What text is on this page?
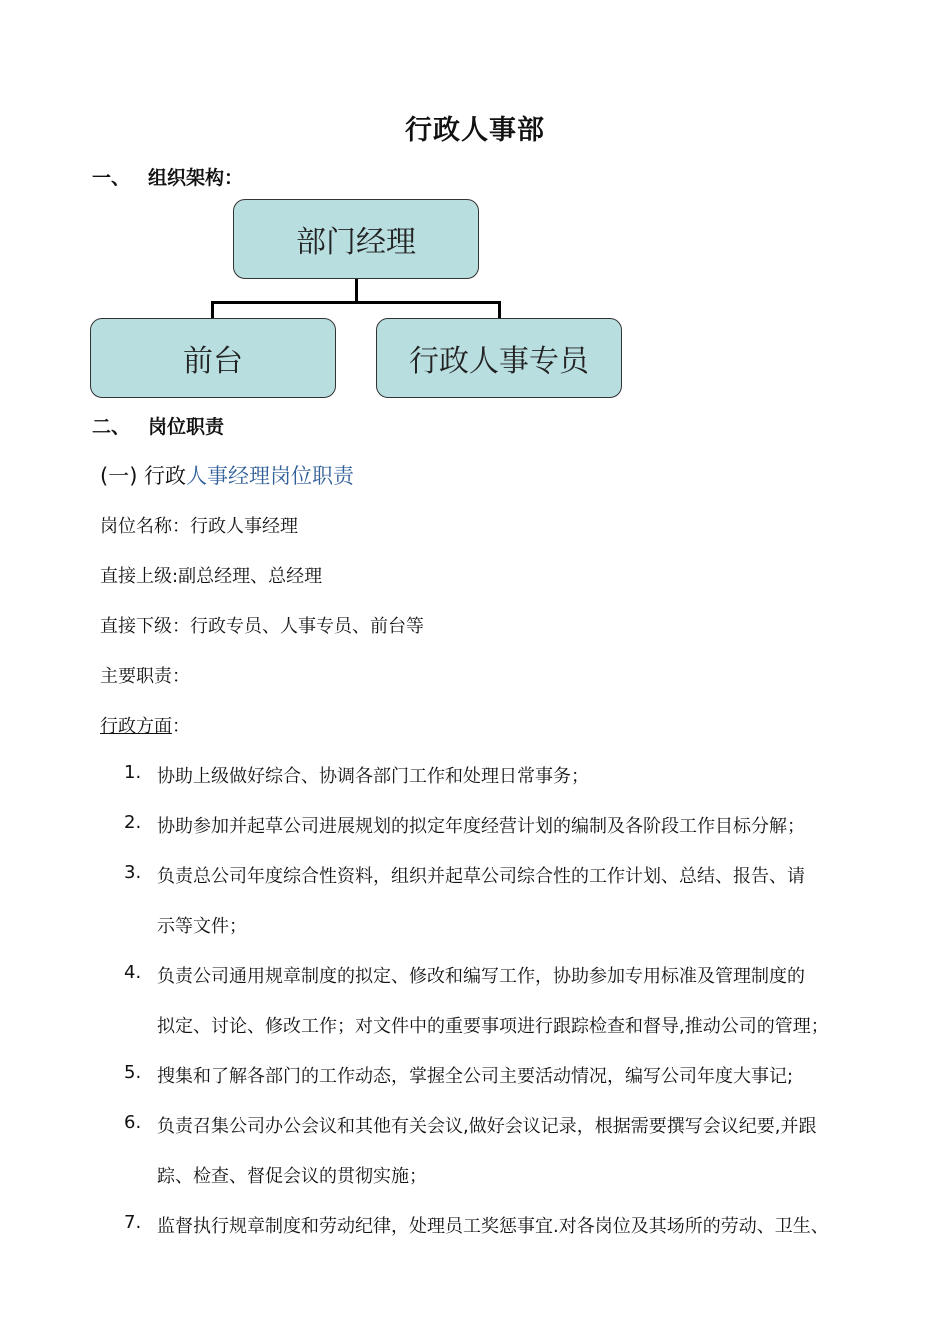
行政人事部
一、 组织架构：
部门经理
前台	行政人事专员
二、 岗位职责
(一) 行政人事经理岗位职责
岗位名称：行政人事经理
直接上级:副总经理、总经理
直接下级：行政专员、人事专员、前台等
主要职责：
行政方面：
1. 协助上级做好综合、协调各部门工作和处理日常事务；
2. 协助参加并起草公司进展规划的拟定年度经营计划的编制及各阶段工作目标分解；
3. 负责总公司年度综合性资料，组织并起草公司综合性的工作计划、总结、报告、请
示等文件；
4. 负责公司通用规章制度的拟定、修改和编写工作，协助参加专用标准及管理制度的
拟定、讨论、修改工作；对文件中的重要事项进行跟踪检查和督导,推动公司的管理；
5. 搜集和了解各部门的工作动态，掌握全公司主要活动情况，编写公司年度大事记;
6. 负责召集公司办公会议和其他有关会议,做好会议记录，根据需要撰写会议纪要,并跟
踪、检查、督促会议的贯彻实施；
7. 监督执行规章制度和劳动纪律，处理员工奖惩事宜.对各岗位及其场所的劳动、卫生、
